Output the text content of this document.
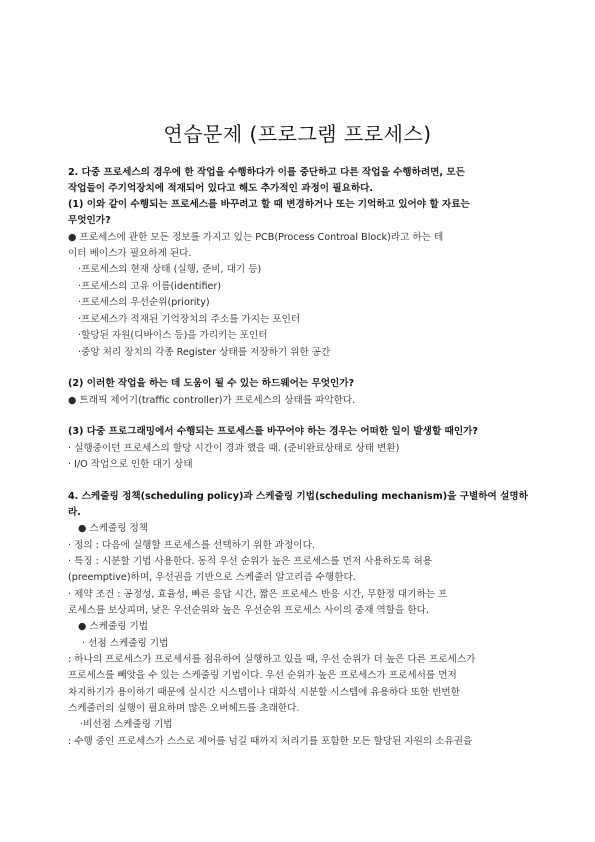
연습문제 (프로그램 프로세스)
2. 다중 프로세스의 경우에 한 작업을 수행하다가 이를 중단하고 다른 작업을 수행하려면, 모든
작업들이 주기억장치에 적재되어 있다고 해도 추가적인 과정이 필요하다.
(1) 이와 같이 수행되는 프로세스를 바꾸려고 할 때 변경하거나 또는 기억하고 있어야 할 자료는
무엇인가?
● 프로세스에 관한 모든 정보를 가지고 있는 PCB(Process Controal Block)라고 하는 테
이터 베이스가 필요하게 된다.
·프로세스의 현재 상태 (실행, 준비, 대기 등)
·프로세스의 고유 이름(identifier)
·프로세스의 우선순위(priority)
·프로세스가 적재된 기억장치의 주소를 가지는 포인터
·할당된 자원(디바이스 등)을 가리키는 포인터
·중앙 처리 장치의 각종 Register 상태를 저장하기 위한 공간
(2) 이러한 작업을 하는 데 도움이 될 수 있는 하드웨어는 무엇인가?
● 트래픽 제어기(traffic controller)가 프로세스의 상태를 파악한다.
(3) 다중 프로그래밍에서 수행되는 프로세스를 바꾸어야 하는 경우는 어떠한 일이 발생할 때인가?
· 실행중이던 프로세스의 할당 시간이 경과 했을 때. (준비완료상태로 상태 변환)
· I/O 작업으로 인한 대기 상태
4. 스케줄링 정책(scheduling policy)과 스케줄링 기법(scheduling mechanism)을 구별하여 설명하
라.
● 스케줄링 정책
· 정의 : 다음에 실행할 프로세스를 선택하기 위한 과정이다.
· 특징 : 시분할 기법 사용한다. 동적 우선 순위가 높은 프로세스를 먼저 사용하도록 허용
(preemptive)하며, 우선권을 기반으로 스케줄러 알고리즘 수행한다.
· 제약 조건 : 공정성, 효율성, 빠른 응답 시간, 짧은 프로세스 반응 시간, 무한정 대기하는 프
로세스를 보상피며, 낮은 우선순위와 높은 우선순위 프로세스 사이의 중재 역할을 한다.
● 스케줄링 기법
· 선점 스케줄링 기법
: 하나의 프로세스가 프로세서를 점유하여 실행하고 있을 때, 우선 순위가 더 높은 다른 프로세스가
프로세스를 빼앗을 수 있는 스케줄링 기법이다. 우선 순위가 높은 프로세스가 프로세서를 먼저
차지하기가 용이하기 때문에 실시간 시스템이나 대화식 시분할 시스템에 유용하다 또한 빈번한
스케줄러의 실행이 필요하며 많은 오버헤드를 초래한다.
·비선점 스케줄링 기법
: 수행 중인 프로세스가 스스로 제어를 넘길 때까지 처리기를 포함한 모든 할당된 자원의 소유권을
